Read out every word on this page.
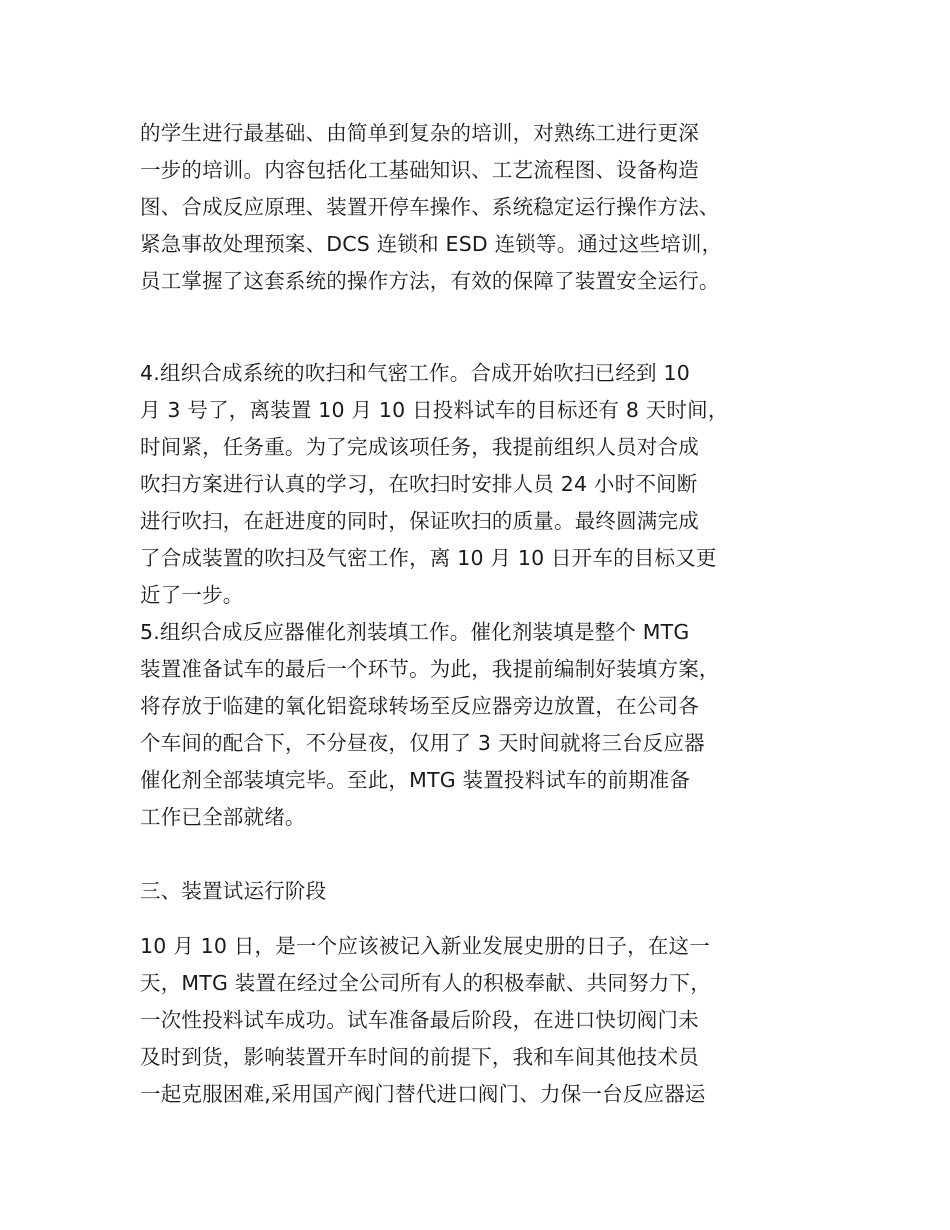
的学生进行最基础、由简单到复杂的培训，对熟练工进行更深
一步的培训。内容包括化工基础知识、工艺流程图、设备构造
图、合成反应原理、装置开停车操作、系统稳定运行操作方法、
紧急事故处理预案、DCS 连锁和 ESD 连锁等。通过这些培训，
员工掌握了这套系统的操作方法，有效的保障了装置安全运行。
4.组织合成系统的吹扫和气密工作。合成开始吹扫已经到 10
月 3 号了，离装置 10 月 10 日投料试车的目标还有 8 天时间，
时间紧，任务重。为了完成该项任务，我提前组织人员对合成
吹扫方案进行认真的学习，在吹扫时安排人员 24 小时不间断
进行吹扫，在赶进度的同时，保证吹扫的质量。最终圆满完成
了合成装置的吹扫及气密工作，离 10 月 10 日开车的目标又更
近了一步。
5.组织合成反应器催化剂装填工作。催化剂装填是整个 MTG
装置准备试车的最后一个环节。为此，我提前编制好装填方案，
将存放于临建的氧化铝瓷球转场至反应器旁边放置，在公司各
个车间的配合下，不分昼夜，仅用了 3 天时间就将三台反应器
催化剂全部装填完毕。至此，MTG 装置投料试车的前期准备
工作已全部就绪。
三、装置试运行阶段
10 月 10 日，是一个应该被记入新业发展史册的日子，在这一
天，MTG 装置在经过全公司所有人的积极奉献、共同努力下，
一次性投料试车成功。试车准备最后阶段，在进口快切阀门未
及时到货，影响装置开车时间的前提下，我和车间其他技术员
一起克服困难,采用国产阀门替代进口阀门、力保一台反应器运
